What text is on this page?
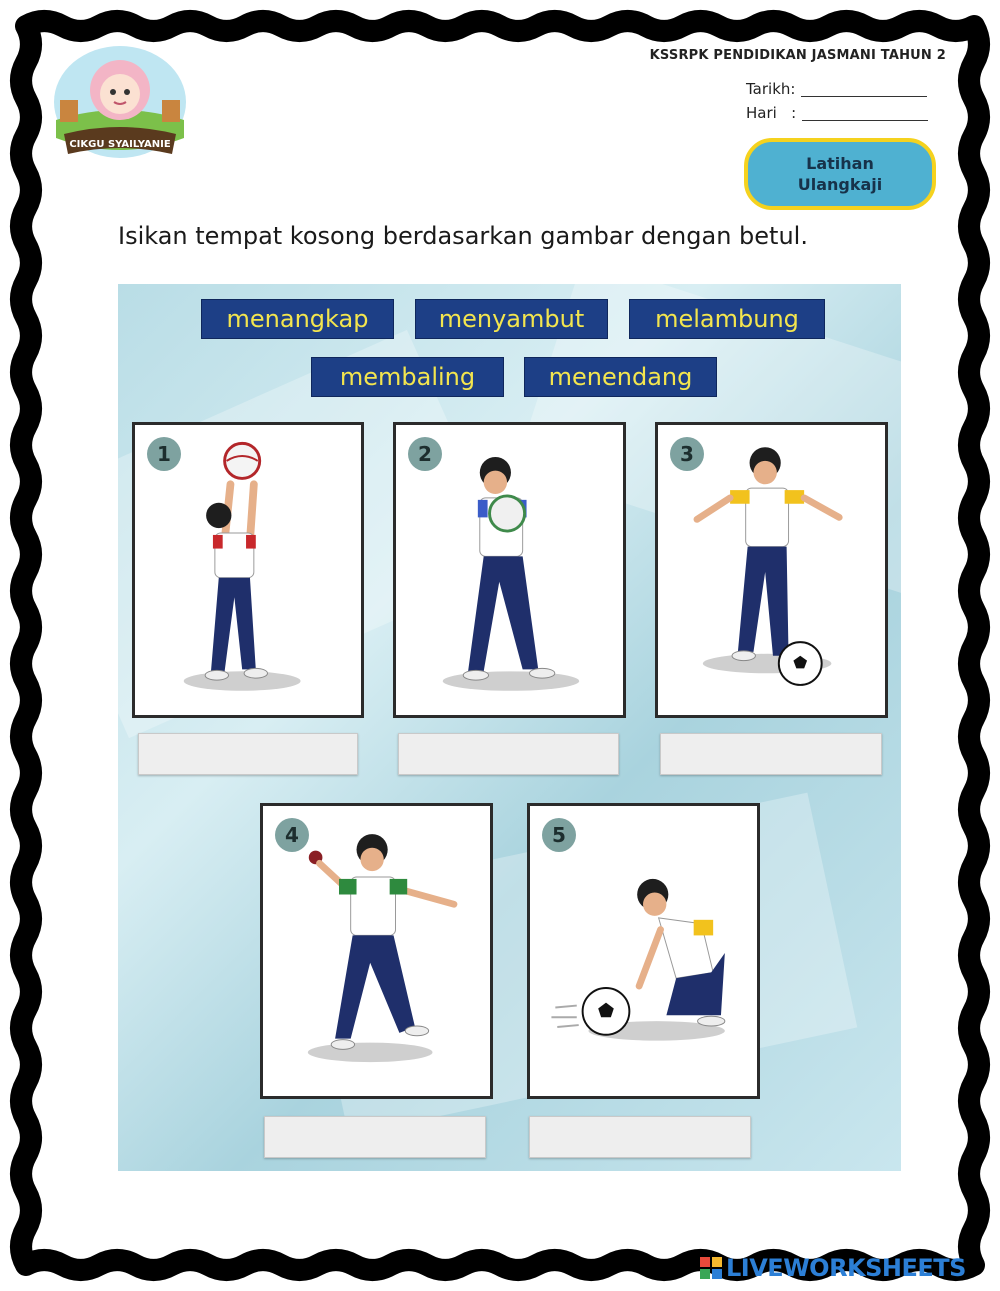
CIKGU SYAILYANIE
KSSRPK PENDIDIKAN JASMANI TAHUN 2
Tarikh:
Hari   :
Latihan
Ulangkaji
Isikan tempat kosong berdasarkan gambar dengan betul.
menangkap	menyambut	melambung
membaling	menendang
1	2	3
4	5
LIVEWORKSHEETS
